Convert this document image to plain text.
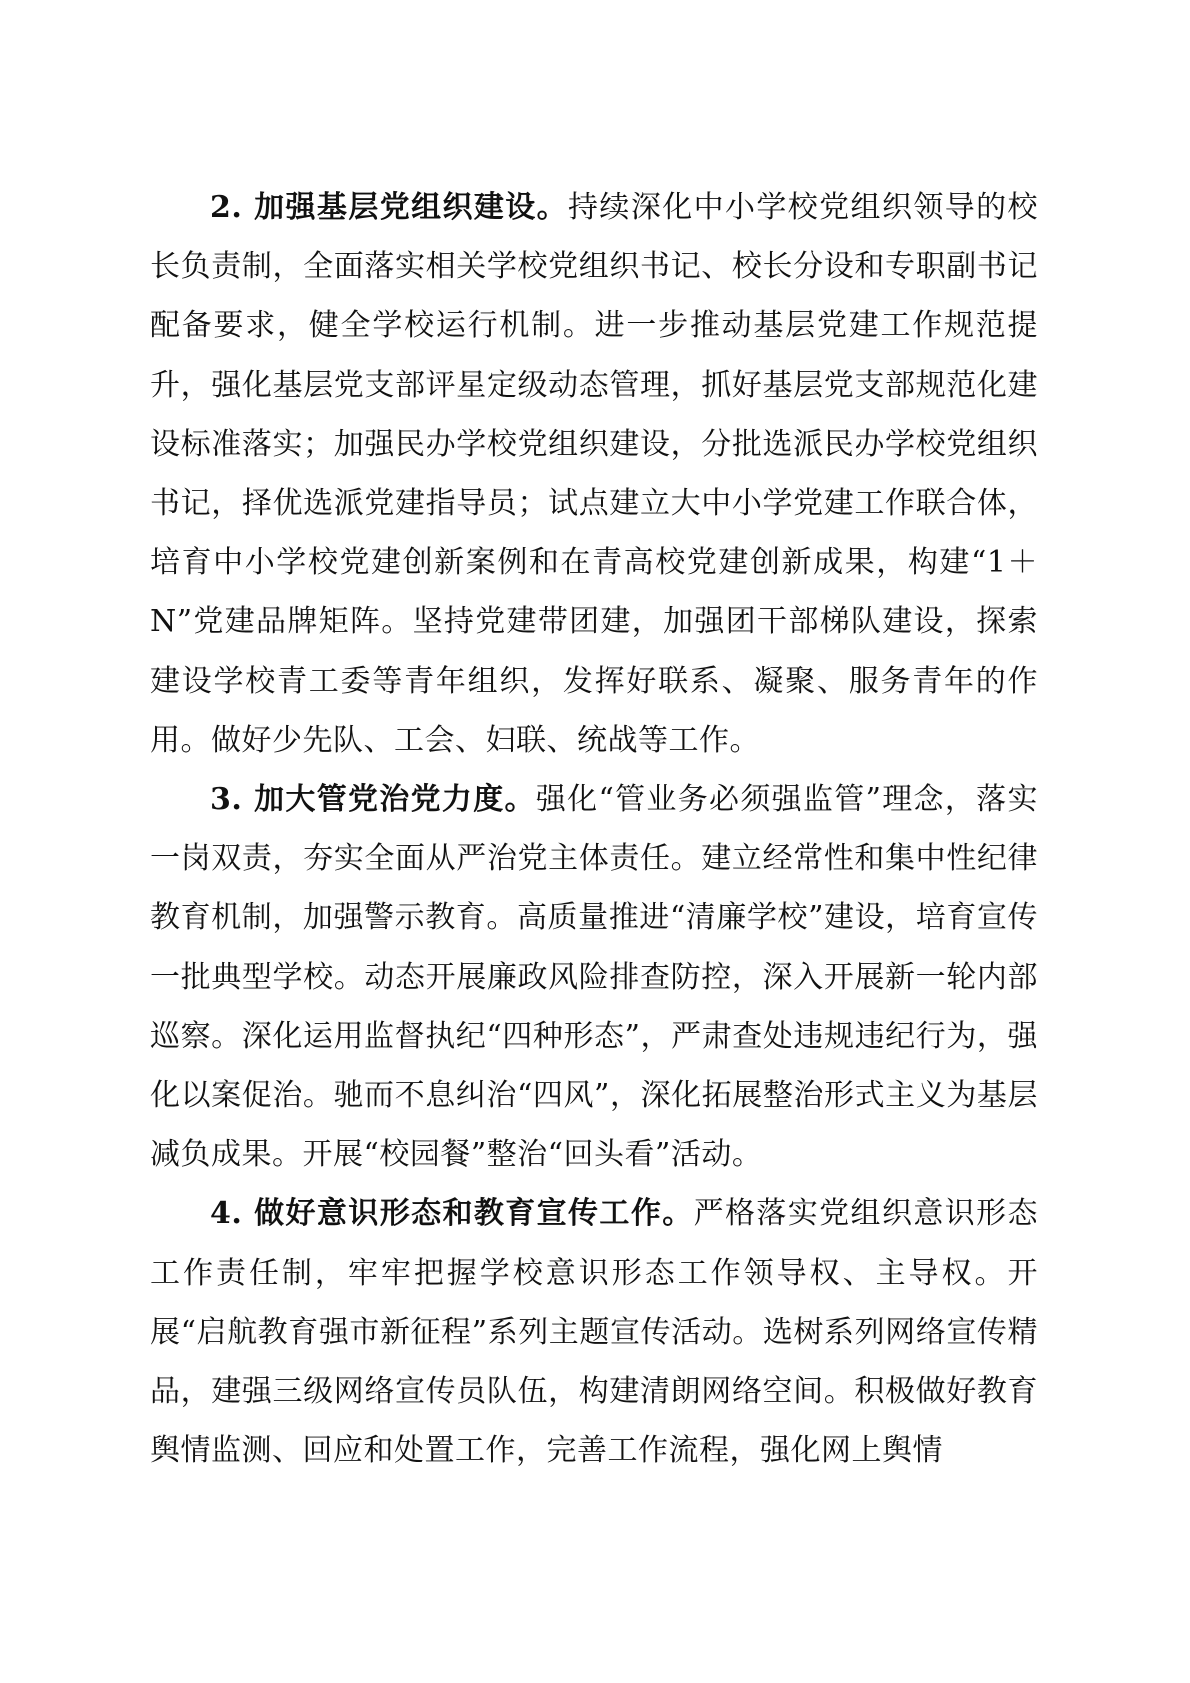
2. 加强基层党组织建设。持续深化中小学校党组织领导的校长负责制，全面落实相关学校党组织书记、校长分设和专职副书记配备要求，健全学校运行机制。进一步推动基层党建工作规范提升，强化基层党支部评星定级动态管理，抓好基层党支部规范化建设标准落实；加强民办学校党组织建设，分批选派民办学校党组织书记，择优选派党建指导员；试点建立大中小学党建工作联合体，培育中小学校党建创新案例和在青高校党建创新成果，构建“1＋N”党建品牌矩阵。坚持党建带团建，加强团干部梯队建设，探索建设学校青工委等青年组织，发挥好联系、凝聚、服务青年的作用。做好少先队、工会、妇联、统战等工作。

3. 加大管党治党力度。强化“管业务必须强监管”理念，落实一岗双责，夯实全面从严治党主体责任。建立经常性和集中性纪律教育机制，加强警示教育。高质量推进“清廉学校”建设，培育宣传一批典型学校。动态开展廉政风险排查防控，深入开展新一轮内部巡察。深化运用监督执纪“四种形态”，严肃查处违规违纪行为，强化以案促治。驰而不息纠治“四风”，深化拓展整治形式主义为基层减负成果。开展“校园餐”整治“回头看”活动。

4. 做好意识形态和教育宣传工作。严格落实党组织意识形态工作责任制，牢牢把握学校意识形态工作领导权、主导权。开展“启航教育强市新征程”系列主题宣传活动。选树系列网络宣传精品，建强三级网络宣传员队伍，构建清朗网络空间。积极做好教育舆情监测、回应和处置工作，完善工作流程，强化网上舆情
